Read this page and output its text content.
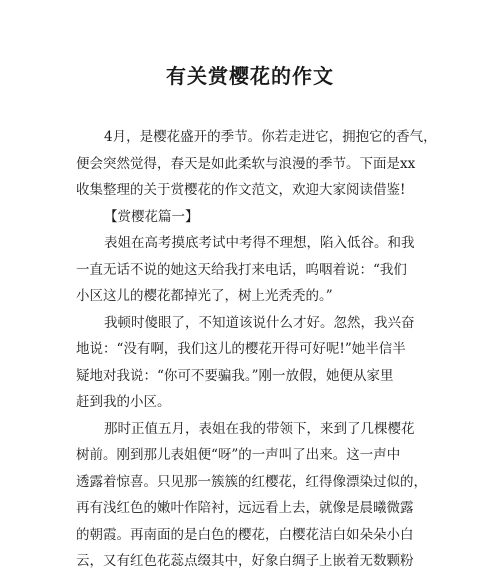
有关赏樱花的作文
4月，是樱花盛开的季节。你若走进它，拥抱它的香气，
便会突然觉得，春天是如此柔软与浪漫的季节。下面是xx
收集整理的关于赏樱花的作文范文，欢迎大家阅读借鉴!
【赏樱花篇一】
表姐在高考摸底考试中考得不理想，陷入低谷。和我
一直无话不说的她这天给我打来电话，呜咽着说：“我们
小区这儿的樱花都掉光了，树上光秃秃的。”
我顿时傻眼了，不知道该说什么才好。忽然，我兴奋
地说：“没有啊，我们这儿的樱花开得可好呢!”她半信半
疑地对我说：“你可不要骗我。”刚一放假，她便从家里
赶到我的小区。
那时正值五月，表姐在我的带领下，来到了几棵樱花
树前。刚到那儿表姐便“呀”的一声叫了出来。这一声中
透露着惊喜。只见那一簇簇的红樱花，红得像漂染过似的，
再有浅红色的嫩叶作陪衬，远远看上去，就像是晨曦微露
的朝霞。再南面的是白色的樱花，白樱花洁白如朵朵小白
云，又有红色花蕊点缀其中，好象白绸子上嵌着无数颗粉
